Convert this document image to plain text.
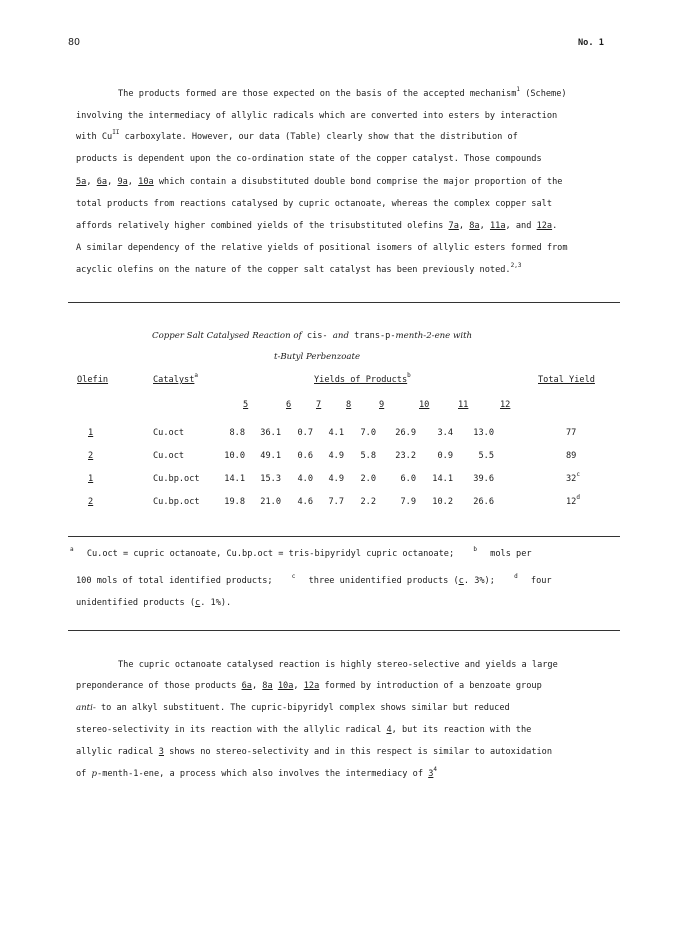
80	No. 1
The products formed are those expected on the basis of the accepted mechanism$^1$ (Scheme)
involving the intermediacy of allylic radicals which are converted into esters by interaction
with $Cu^{II}$ carboxylate. However, our data (Table) clearly show that the distribution of
products is dependent upon the co-ordination state of the copper catalyst. Those compounds
5a, 6a, 9a, 10a which contain a disubstituted double bond comprise the major proportion of the
total products from reactions catalysed by cupric octanoate, whereas the complex copper salt
affords relatively higher combined yields of the trisubstituted olefins 7a, 8a, 11a, and 12a.
A similar dependency of the relative yields of positional isomers of allylic esters formed from
acyclic olefins on the nature of the copper salt catalyst has been previously noted.$^{2,3}$
Copper Salt Catalysed Reaction of cis- and trans-p-menth-2-ene with
t-Butyl Perbenzoate
Olefin	Catalyst$^a$	Yields of Products$^b$	Total Yield
5	6	7	8	9	10	11	12
1	Cu.oct	8.8	36.1	0.7	4.1	7.0	26.9	3.4	13.0	77
2	Cu.oct	10.0	49.1	0.6	4.9	5.8	23.2	0.9	5.5	89
1	Cu.bp.oct	14.1	15.3	4.0	4.9	2.0	6.0	14.1	39.6	32$^c$
2	Cu.bp.oct	19.8	21.0	4.6	7.7	2.2	7.9	10.2	26.6	12$^d$
$^a$ Cu.oct = cupric octanoate, Cu.bp.oct = tris-bipyridyl cupric octanoate;	$^b$ mols per
100 mols of total identified products;	$^c$ three unidentified products (c. 3%);	$^d$ four
unidentified products (c. 1%).
The cupric octanoate catalysed reaction is highly stereo-selective and yields a large
preponderance of those products 6a, 8a 10a, 12a formed by introduction of a benzoate group
anti- to an alkyl substituent. The cupric-bipyridyl complex shows similar but reduced
stereo-selectivity in its reaction with the allylic radical 4, but its reaction with the
allylic radical 3 shows no stereo-selectivity and in this respect is similar to autoxidation
of p-menth-1-ene, a process which also involves the intermediacy of $3^4$
